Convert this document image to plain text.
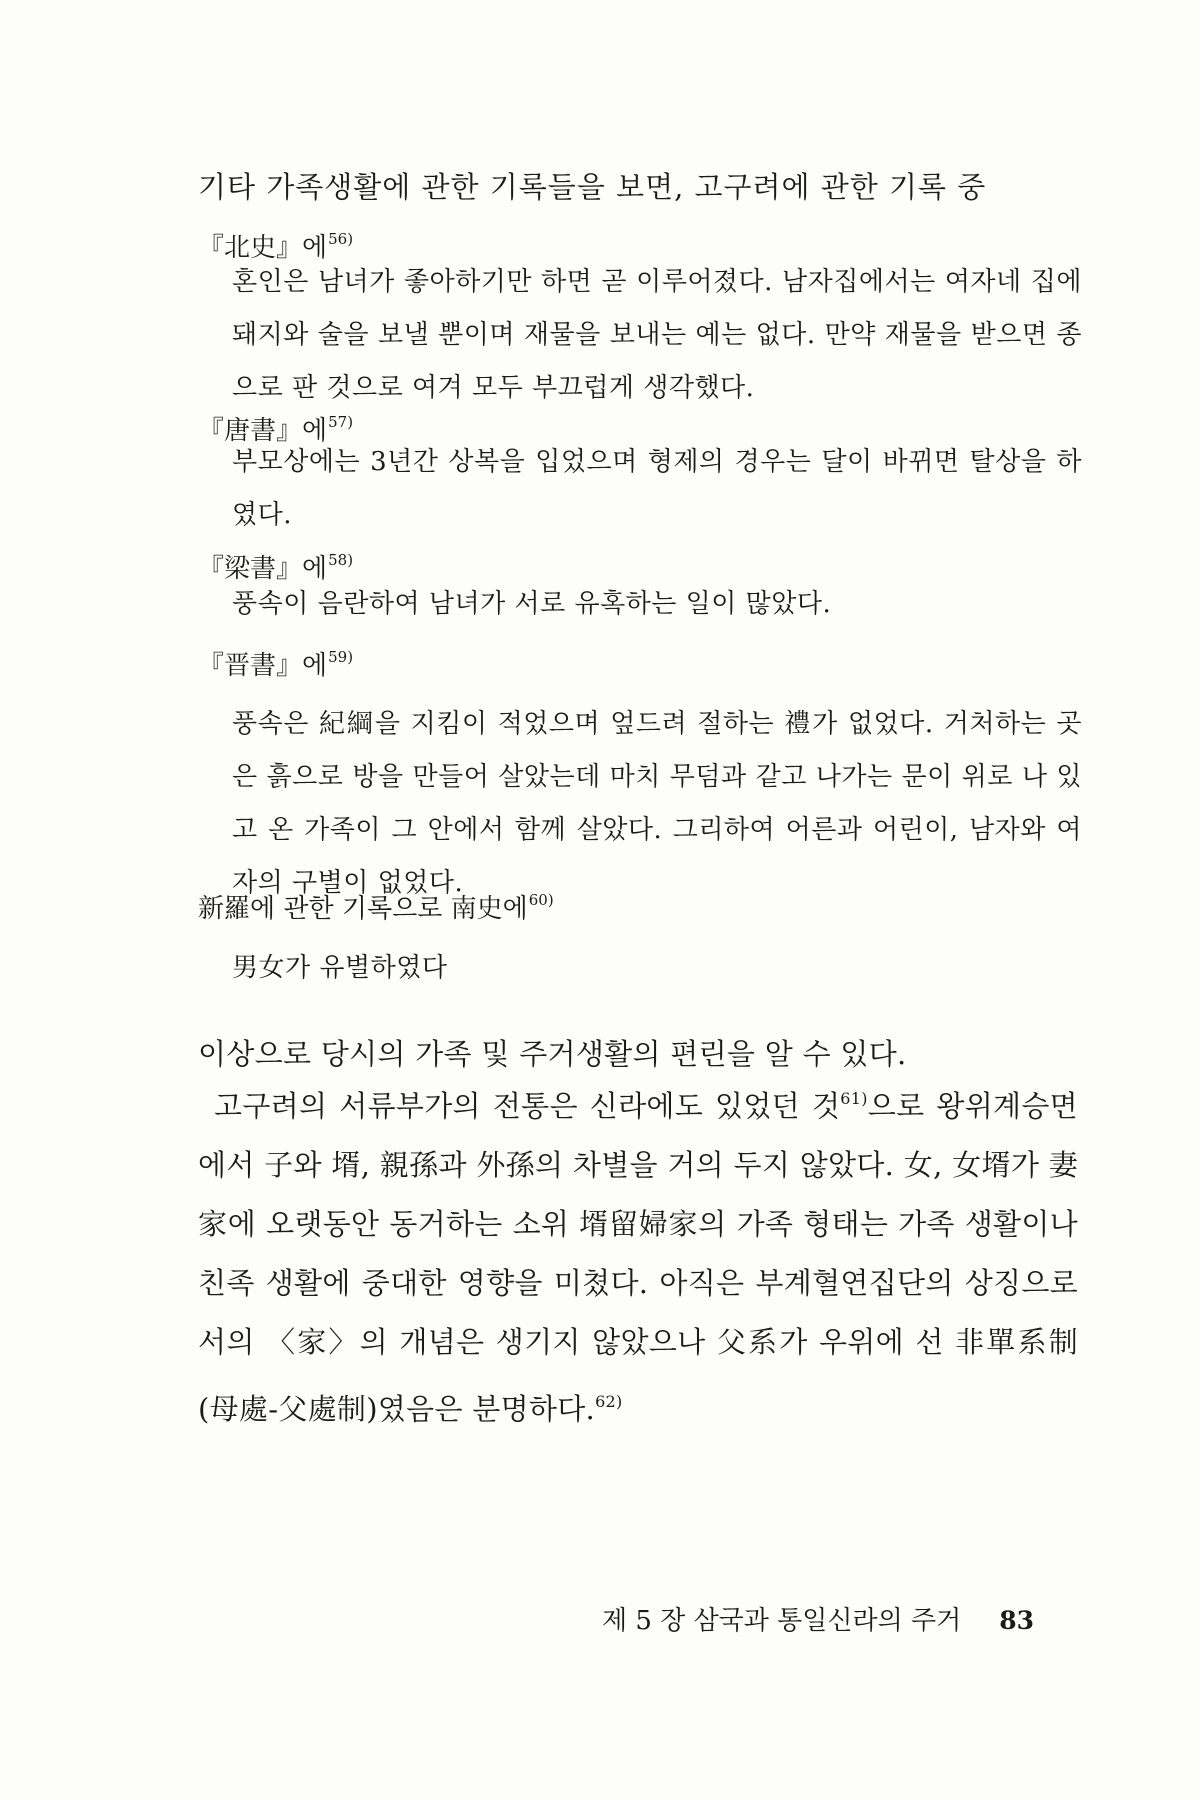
기타 가족생활에 관한 기록들을 보면, 고구려에 관한 기록 중

『北史』에$^{56)}$

혼인은 남녀가 좋아하기만 하면 곧 이루어졌다. 남자집에서는 여자네 집에 돼지와 술을 보낼 뿐이며 재물을 보내는 예는 없다. 만약 재물을 받으면 종으로 판 것으로 여겨 모두 부끄럽게 생각했다.

『唐書』에$^{57)}$

부모상에는 3년간 상복을 입었으며 형제의 경우는 달이 바뀌면 탈상을 하였다.

『梁書』에$^{58)}$

풍속이 음란하여 남녀가 서로 유혹하는 일이 많았다.

『晋書』에$^{59)}$

풍속은 紀綱을 지킴이 적었으며 엎드려 절하는 禮가 없었다. 거처하는 곳은 흙으로 방을 만들어 살았는데 마치 무덤과 같고 나가는 문이 위로 나 있고 온 가족이 그 안에서 함께 살았다. 그리하여 어른과 어린이, 남자와 여자의 구별이 없었다.

新羅에 관한 기록으로 南史에$^{60)}$

男女가 유별하였다

이상으로 당시의 가족 및 주거생활의 편린을 알 수 있다.

고구려의 서류부가의 전통은 신라에도 있었던 것$^{61)}$으로 왕위계승면에서 子와 壻, 親孫과 外孫의 차별을 거의 두지 않았다. 女, 女壻가 妻家에 오랫동안 동거하는 소위 壻留婦家의 가족 형태는 가족 생활이나 친족 생활에 중대한 영향을 미쳤다. 아직은 부계혈연집단의 상징으로서의 〈家〉의 개념은 생기지 않았으나 父系가 우위에 선 非單系制(母處-父處制)였음은 분명하다.$^{62)}$

제 5 장 삼국과 통일신라의 주거 83
